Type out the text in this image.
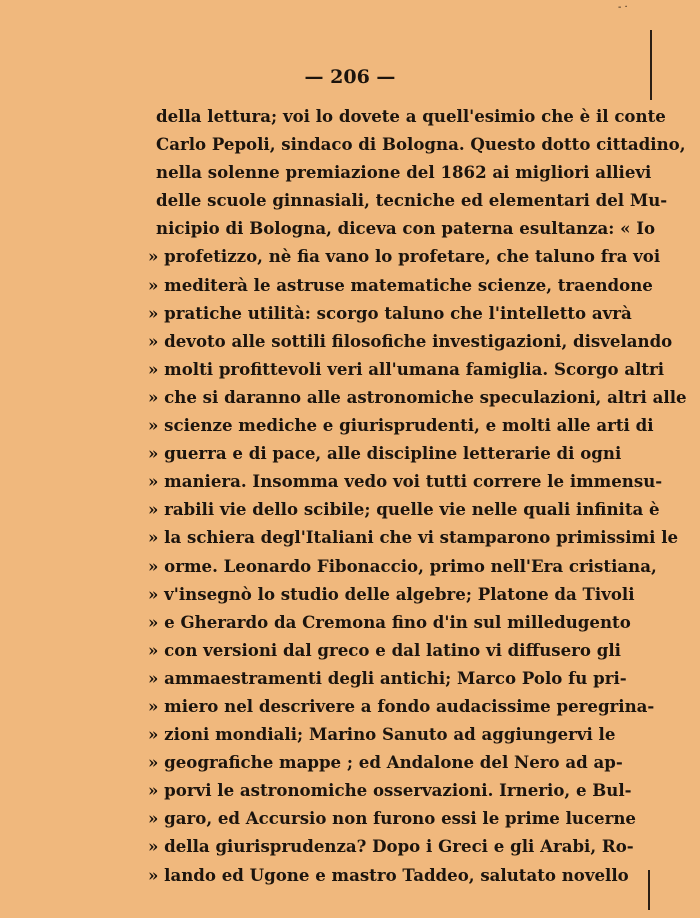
- ·
— 206 —
della lettura; voi lo dovete a quell'esimio che è il conte
Carlo Pepoli, sindaco di Bologna. Questo dotto cittadino,
nella solenne premiazione del 1862 ai migliori allievi
delle scuole ginnasiali, tecniche ed elementari del Mu-
nicipio di Bologna, diceva con paterna esultanza: « Io
» profetizzo, nè fia vano lo profetare, che taluno fra voi
» mediterà le astruse matematiche scienze, traendone
» pratiche utilità: scorgo taluno che l'intelletto avrà
» devoto alle sottili filosofiche investigazioni, disvelando
» molti profittevoli veri all'umana famiglia. Scorgo altri
» che si daranno alle astronomiche speculazioni, altri alle
» scienze mediche e giurisprudenti, e molti alle arti di
» guerra e di pace, alle discipline letterarie di ogni
» maniera. Insomma vedo voi tutti correre le immensu-
» rabili vie dello scibile; quelle vie nelle quali infinita è
» la schiera degl'Italiani che vi stamparono primissimi le
» orme. Leonardo Fibonaccio, primo nell'Era cristiana,
» v'insegnò lo studio delle algebre; Platone da Tivoli
» e Gherardo da Cremona fino d'in sul milledugento
» con versioni dal greco e dal latino vi diffusero gli
» ammaestramenti degli antichi; Marco Polo fu pri-
» miero nel descrivere a fondo audacissime peregrina-
» zioni mondiali; Marino Sanuto ad aggiungervi le
» geografiche mappe ; ed Andalone del Nero ad ap-
» porvi le astronomiche osservazioni. Irnerio, e Bul-
» garo, ed Accursio non furono essi le prime lucerne
» della giurisprudenza? Dopo i Greci e gli Arabi, Ro-
» lando ed Ugone e mastro Taddeo, salutato novello
